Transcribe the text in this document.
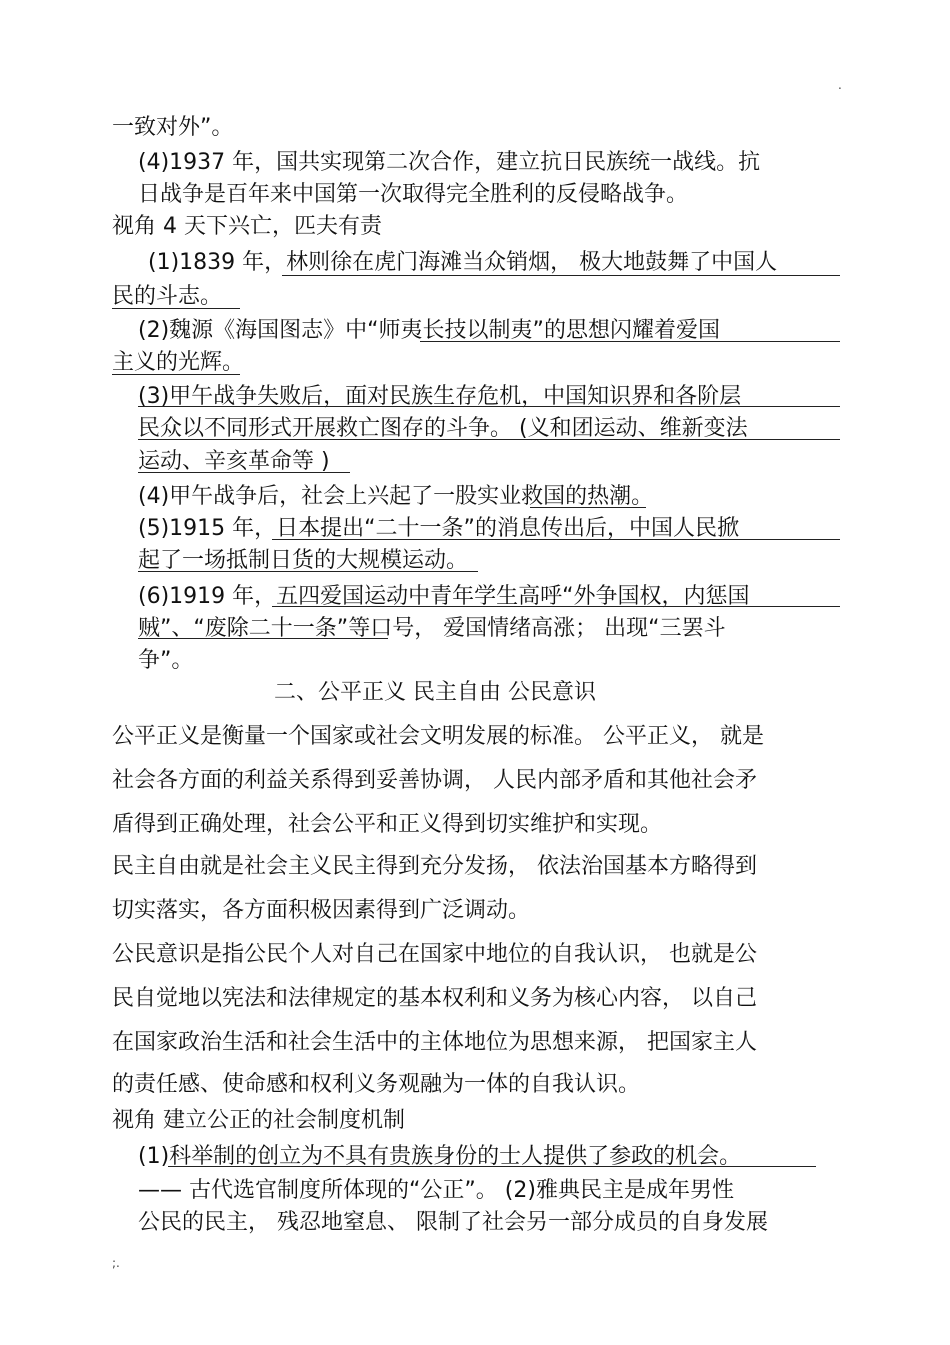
.
一致对外”。
(4)1937 年，国共实现第二次合作，建立抗日民族统一战线。抗
日战争是百年来中国第一次取得完全胜利的反侵略战争。
视角 4 天下兴亡，匹夫有责
(1)1839 年，林则徐在虎门海滩当众销烟， 极大地鼓舞了中国人
民的斗志。
(2)魏源《海国图志》中“师夷长技以制夷”的思想闪耀着爱国
主义的光辉。
(3)甲午战争失败后，面对民族生存危机，中国知识界和各阶层
民众以不同形式开展救亡图存的斗争。 (义和团运动、维新变法
运动、辛亥革命等 )
(4)甲午战争后，社会上兴起了一股实业救国的热潮。
(5)1915 年，日本提出“二十一条”的消息传出后，中国人民掀
起了一场抵制日货的大规模运动。
(6)1919 年，五四爱国运动中青年学生高呼“外争国权，内惩国
贼”、“废除二十一条”等口号， 爱国情绪高涨； 出现“三罢斗
争”。
二、公平正义 民主自由 公民意识
公平正义是衡量一个国家或社会文明发展的标准。 公平正义， 就是
社会各方面的利益关系得到妥善协调， 人民内部矛盾和其他社会矛
盾得到正确处理，社会公平和正义得到切实维护和实现。
民主自由就是社会主义民主得到充分发扬， 依法治国基本方略得到
切实落实，各方面积极因素得到广泛调动。
公民意识是指公民个人对自己在国家中地位的自我认识， 也就是公
民自觉地以宪法和法律规定的基本权利和义务为核心内容， 以自己
在国家政治生活和社会生活中的主体地位为思想来源， 把国家主人
的责任感、使命感和权利义务观融为一体的自我认识。
视角 建立公正的社会制度机制
(1)科举制的创立为不具有贵族身份的士人提供了参政的机会。
—— 古代选官制度所体现的“公正”。 (2)雅典民主是成年男性
公民的民主， 残忍地窒息、 限制了社会另一部分成员的自身发展
;.
